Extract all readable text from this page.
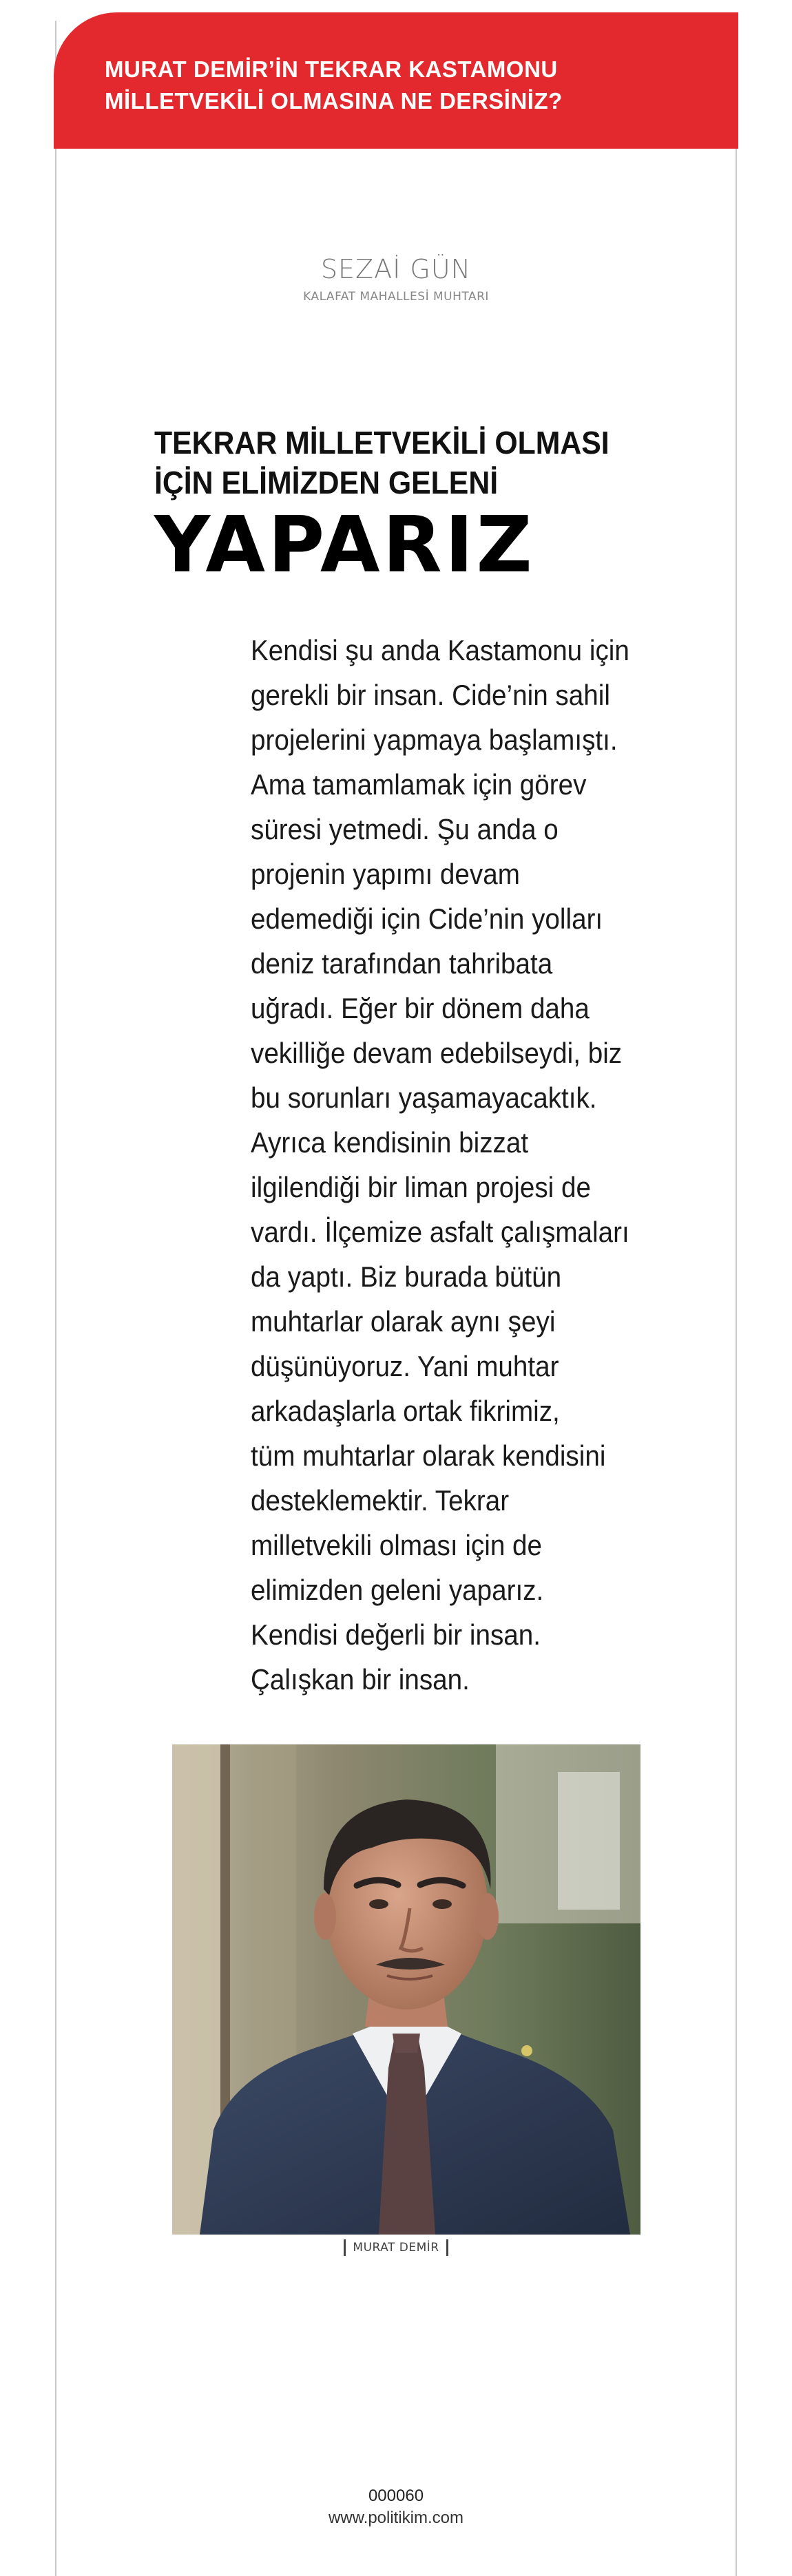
MURAT DEMİR’İN TEKRAR KASTAMONU
MİLLETVEKİLİ OLMASINA NE DERSİNİZ?

SEZAİ GÜN
KALAFAT MAHALLESİ MUHTARI
TEKRAR MİLLETVEKİLİ OLMASI
İÇİN ELİMİZDEN GELENİ
YAPARIZ
Kendisi şu anda Kastamonu için
gerekli bir insan. Cide’nin sahil
projelerini yapmaya başlamıştı.
Ama tamamlamak için görev
süresi yetmedi. Şu anda o
projenin yapımı devam
edemediği için Cide’nin yolları
deniz tarafından tahribata
uğradı. Eğer bir dönem daha
vekilliğe devam edebilseydi, biz
bu sorunları yaşamayacaktık.
Ayrıca kendisinin bizzat
ilgilendiği bir liman projesi de
vardı. İlçemize asfalt çalışmaları
da yaptı. Biz burada bütün
muhtarlar olarak aynı şeyi
düşünüyoruz. Yani muhtar
arkadaşlarla ortak fikrimiz,
tüm muhtarlar olarak kendisini
desteklemektir. Tekrar
milletvekili olması için de
elimizden geleni yaparız.
Kendisi değerli bir insan.
Çalışkan bir insan.
MURAT DEMİR
000060
www.politikim.com
